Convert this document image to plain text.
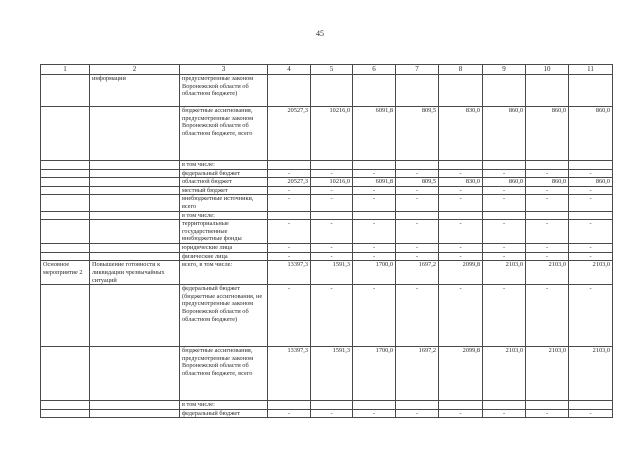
45
1	2	3	4	5	6	7	8	9	10	11
	информации	предусмотренные законом Воронежской области об областном бюджете)								
		бюджетные ассигнования, предусмотренные законом Воронежской области об областном бюджете, всего	20527,3	10216,0	6091,8	809,5	830,0	860,0	860,0	860,0
		в том числе:								
		федеральный бюджет	-	-	-	-	-	-	-	-
		областной бюджет	20527,3	10216,0	6091,8	809,5	830,0	860,0	860,0	860,0
		местный бюджет	-	-	-	-	-	-	-	-
		внебюджетные источники, всего	-	-	-	-	-	-	-	-
		в том числе:								
		территориальные государственные внебюджетные фонды	-	-	-	-	-	-	-	-
		юридические лица	-	-	-	-	-	-	-	-
		физические лица	-	-	-	-	-	-	-	-
Основное мероприятие 2	Повышение готовности к ликвидации чрезвычайных ситуаций	всего, в том числе:	13397,3	1591,3	1700,0	1697,2	2099,8	2103,0	2103,0	2103,0
		федеральный бюджет (бюджетные ассигнования, не предусмотренные законом Воронежской области об областном бюджете)	-	-	-	-	-	-	-	-
		бюджетные ассигнования, предусмотренные законом Воронежской области об областном бюджете, всего	13397,3	1591,3	1700,0	1697,2	2099,8	2103,0	2103,0	2103,0
		в том числе:								
		федеральный бюджет	-	-	-	-	-	-	-	-
